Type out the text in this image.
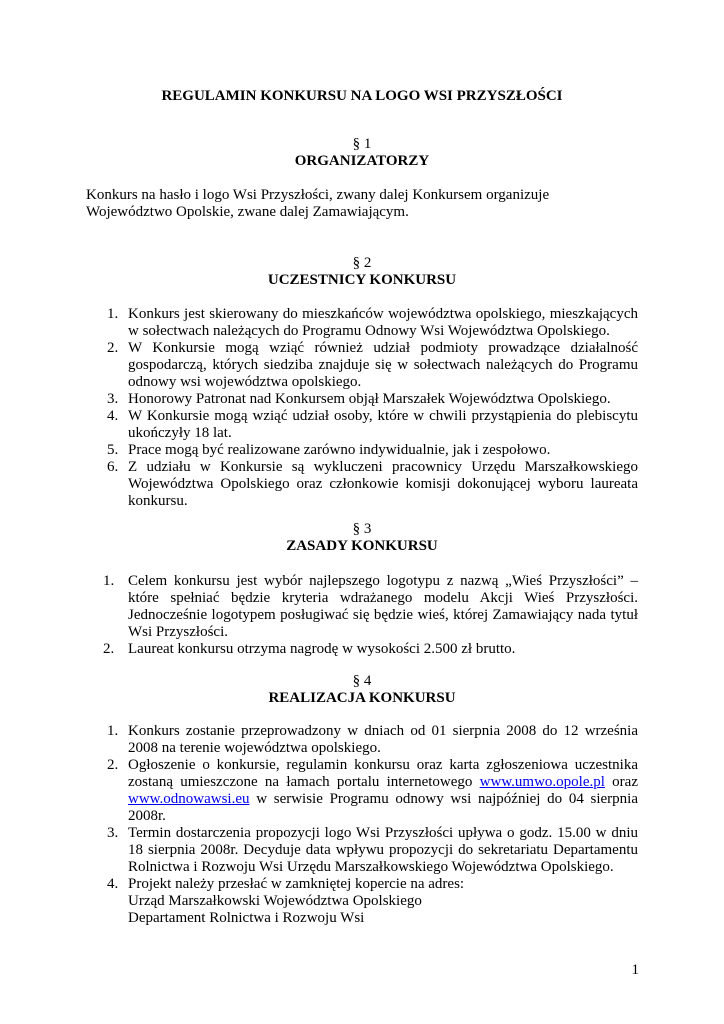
REGULAMIN KONKURSU NA LOGO WSI PRZYSZŁOŚCI
§ 1
ORGANIZATORZY
Konkurs na hasło i logo Wsi Przyszłości, zwany dalej Konkursem organizuje Województwo Opolskie, zwane dalej Zamawiającym.
§ 2
UCZESTNICY KONKURSU
1. Konkurs jest skierowany do mieszkańców województwa opolskiego, mieszkających w sołectwach należących do Programu Odnowy Wsi Województwa Opolskiego.
2. W Konkursie mogą wziąć również udział podmioty prowadzące działalność gospodarczą, których siedziba znajduje się w sołectwach należących do Programu odnowy wsi województwa opolskiego.
3. Honorowy Patronat nad Konkursem objął Marszałek Województwa Opolskiego.
4. W Konkursie mogą wziąć udział osoby, które w chwili przystąpienia do plebiscytu ukończyły 18 lat.
5. Prace mogą być realizowane zarówno indywidualnie, jak i zespołowo.
6. Z udziału w Konkursie są wykluczeni pracownicy Urzędu Marszałkowskiego Województwa Opolskiego oraz członkowie komisji dokonującej wyboru laureata konkursu.
§ 3
ZASADY KONKURSU
1. Celem konkursu jest wybór najlepszego logotypu z nazwą „Wieś Przyszłości” – które spełniać będzie kryteria wdrażanego modelu Akcji Wieś Przyszłości. Jednocześnie logotypem posługiwać się będzie wieś, której Zamawiający nada tytuł Wsi Przyszłości.
2. Laureat konkursu otrzyma nagrodę w wysokości 2.500 zł brutto.
§ 4
REALIZACJA KONKURSU
1. Konkurs zostanie przeprowadzony w dniach od 01 sierpnia 2008 do 12 września 2008 na terenie województwa opolskiego.
2. Ogłoszenie o konkursie, regulamin konkursu oraz karta zgłoszeniowa uczestnika zostaną umieszczone na łamach portalu internetowego www.umwo.opole.pl oraz www.odnowawsi.eu w serwisie Programu odnowy wsi najpóźniej do 04 sierpnia 2008r.
3. Termin dostarczenia propozycji logo Wsi Przyszłości upływa o godz. 15.00 w dniu 18 sierpnia 2008r. Decyduje data wpływu propozycji do sekretariatu Departamentu Rolnictwa i Rozwoju Wsi Urzędu Marszałkowskiego Województwa Opolskiego.
4. Projekt należy przesłać w zamkniętej kopercie na adres:
Urząd Marszałkowski Województwa Opolskiego
Departament Rolnictwa i Rozwoju Wsi
1
